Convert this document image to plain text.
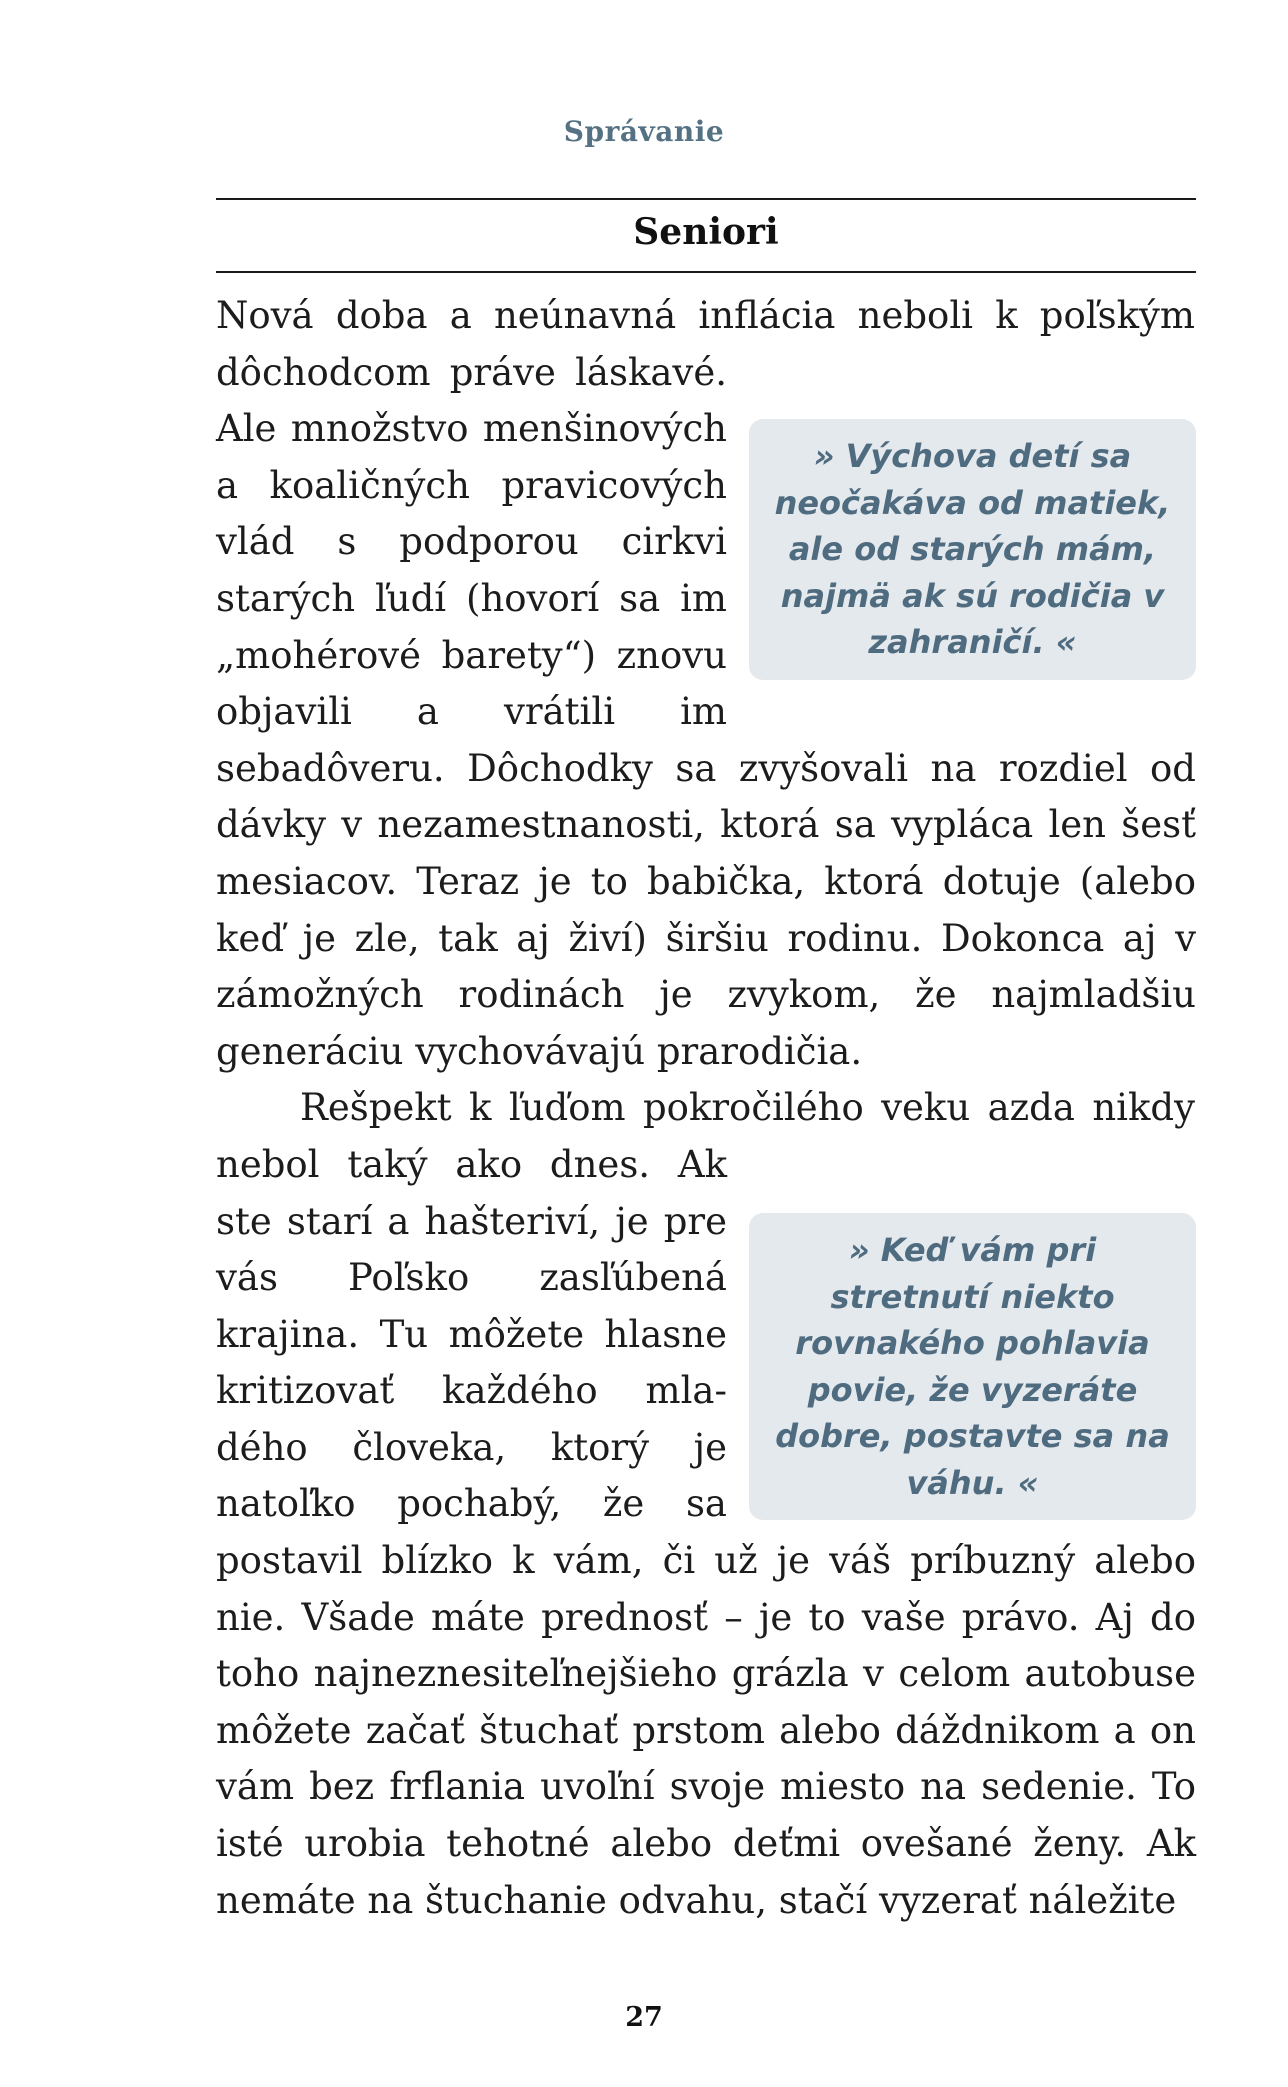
Správanie
Seniori

» Výchova detí sa neočakáva od matiek, ale od starých mám, najmä ak sú rodičia v zahraničí. «
Nová doba a neúnavná inflácia neboli k poľským dôchodcom práve láskavé. Ale množstvo menšinových a koaličných pravicových vlád s podporou cirkvi starých ľudí (hovorí sa im „mohérové barety“) znovu objavili a vrátili im sebadôveru. Dôchodky sa zvyšovali na rozdiel od dávky v nezamestnanosti, ktorá sa vypláca len šesť mesiacov. Teraz je to babička, ktorá dotuje (alebo keď je zle, tak aj živí) širšiu rodinu. Dokonca aj v zámožných rodinách je zvykom, že najmladšiu generáciu vychovávajú prarodičia.

» Keď vám pri stretnutí niekto rovnakého pohlavia povie, že vyzeráte dobre, postavte sa na váhu. «
Rešpekt k ľuďom pokročilého veku azda nikdy nebol taký ako dnes. Ak ste starí a hašteriví, je pre vás Poľsko zasľúbená krajina. Tu môžete hlasne kritizovať každého mladého človeka, ktorý je natoľko pochabý, že sa postavil blízko k vám, či už je váš príbuzný alebo nie. Všade máte prednosť – je to vaše právo. Aj do toho najneznesiteľnejšieho grázla v celom autobuse môžete začať štuchať prstom alebo dáždnikom a on vám bez frflania uvoľní svoje miesto na sedenie. To isté urobia tehotné alebo deťmi ovešané ženy. Ak nemáte na štuchanie odvahu, stačí vyzerať náležite

27
